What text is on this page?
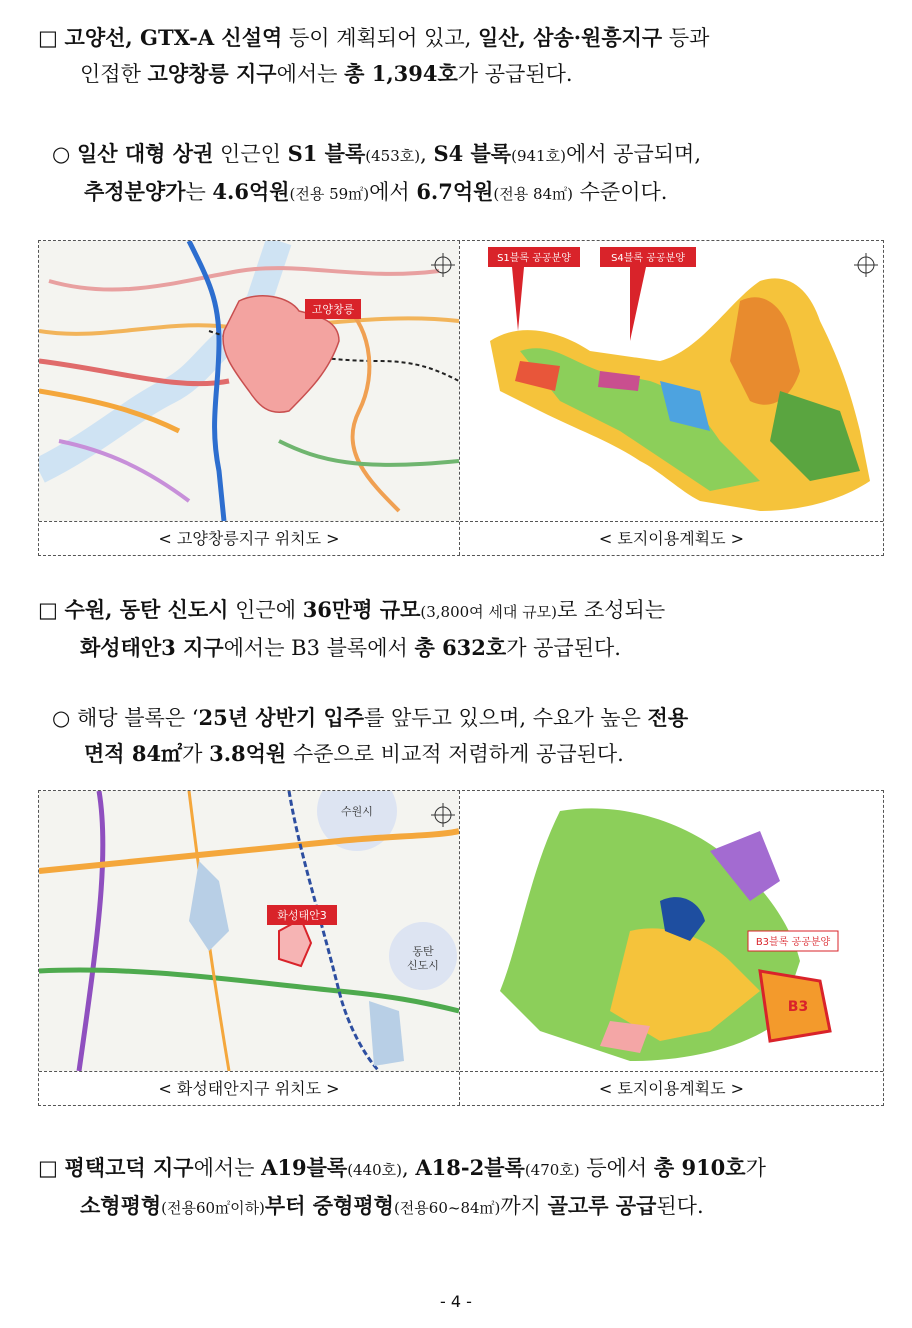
□ 고양선, GTX-A 신설역 등이 계획되어 있고, 일산, 삼송·원흥지구 등과
인접한 고양창릉 지구에서는 총 1,394호가 공급된다.
○ 일산 대형 상권 인근인 S1 블록(453호), S4 블록(941호)에서 공급되며,
추정분양가는 4.6억원(전용 59㎡)에서 6.7억원(전용 84㎡) 수준이다.
고양창릉
S1블록 공공분양	S4블록 공공분양
< 고양창릉지구 위치도 >	< 토지이용계획도 >
□ 수원, 동탄 신도시 인근에 36만평 규모(3,800여 세대 규모)로 조성되는
화성태안3 지구에서는 B3 블록에서 총 632호가 공급된다.
○ 해당 블록은 ‘25년 상반기 입주를 앞두고 있으며, 수요가 높은 전용
면적 84㎡가 3.8억원 수준으로 비교적 저렴하게 공급된다.
수원시
동탄 신도시
화성태안3
B3
B3블록 공공분양
< 화성태안지구 위치도 >	< 토지이용계획도 >
□ 평택고덕 지구에서는 A19블록(440호), A18-2블록(470호) 등에서 총 910호가
소형평형(전용60㎡이하)부터 중형평형(전용60~84㎡)까지 골고루 공급된다.
- 4 -
